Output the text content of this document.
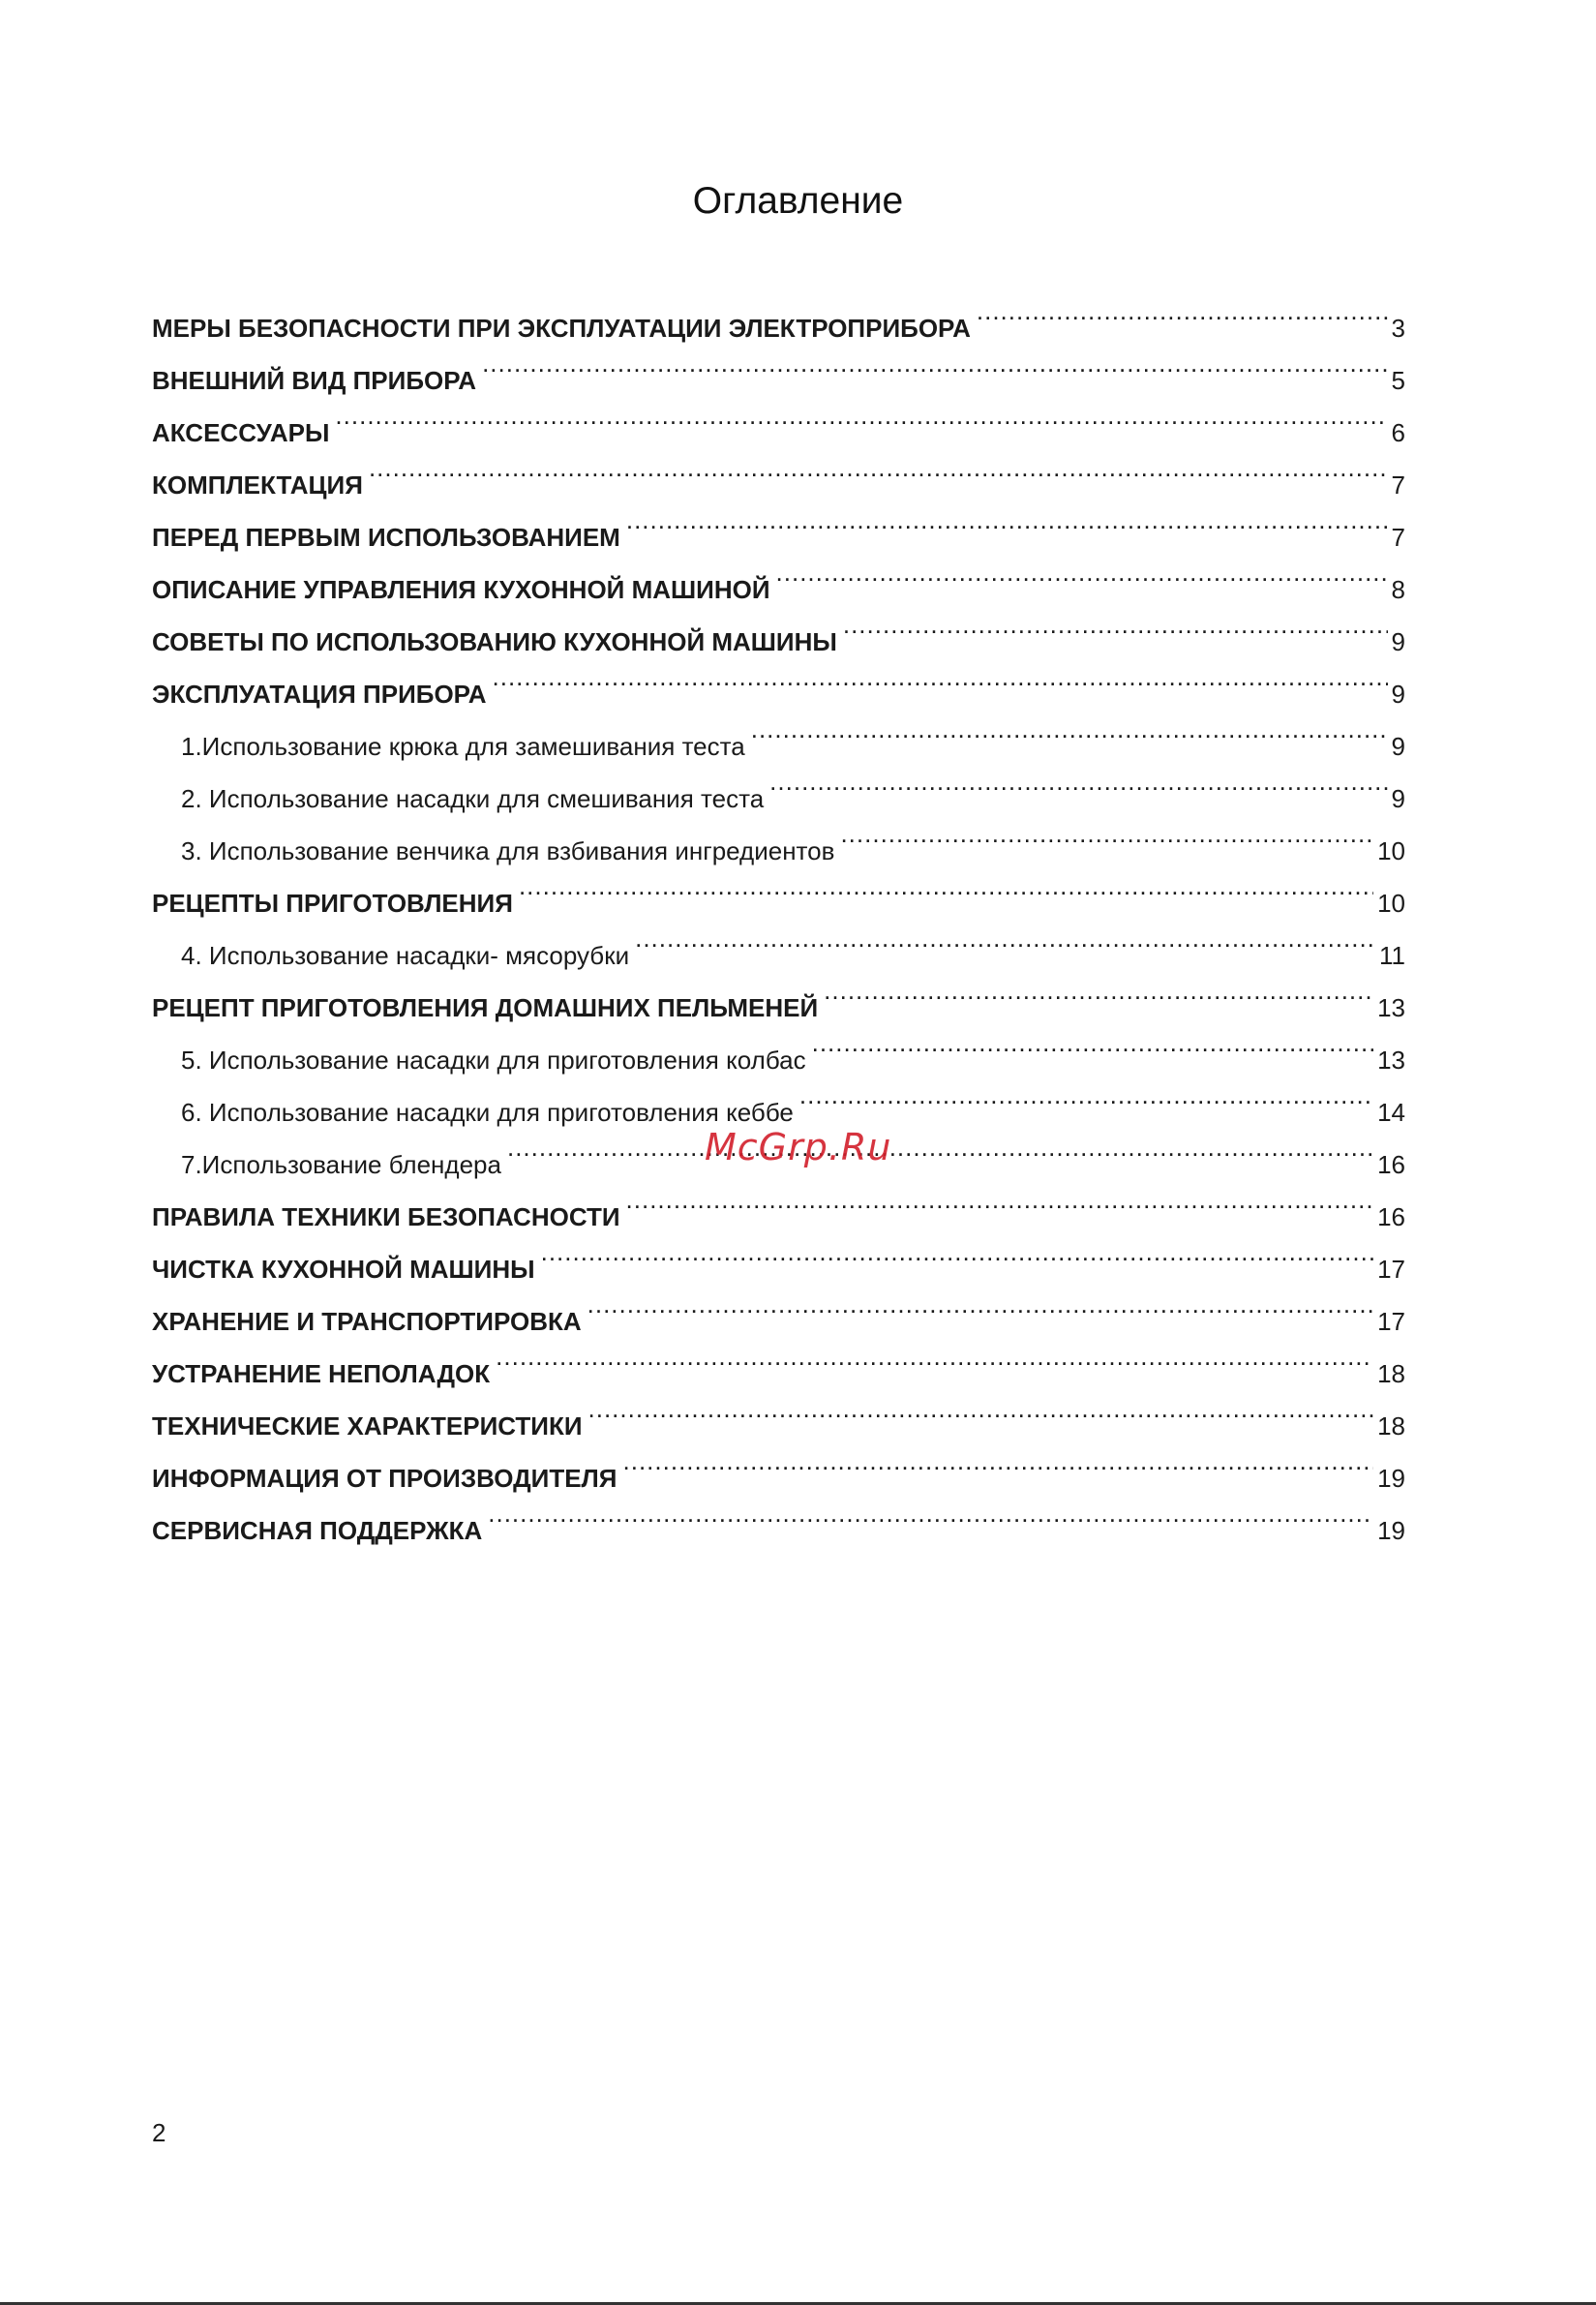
Оглавление
МЕРЫ БЕЗОПАСНОСТИ ПРИ ЭКСПЛУАТАЦИИ ЭЛЕКТРОПРИБОРА .....	3
ВНЕШНИЙ ВИД ПРИБОРА .....	5
АКСЕССУАРЫ .....	6
КОМПЛЕКТАЦИЯ .....	7
ПЕРЕД ПЕРВЫМ ИСПОЛЬЗОВАНИЕМ .....	7
ОПИСАНИЕ УПРАВЛЕНИЯ КУХОННОЙ МАШИНОЙ .....	8
СОВЕТЫ ПО ИСПОЛЬЗОВАНИЮ КУХОННОЙ МАШИНЫ .....	9
ЭКСПЛУАТАЦИЯ ПРИБОРА .....	9
1.Использование крюка для замешивания теста .....	9
2. Использование насадки для смешивания теста .....	9
3. Использование венчика для взбивания ингредиентов .....	10
РЕЦЕПТЫ ПРИГОТОВЛЕНИЯ .....	10
4. Использование насадки- мясорубки .....	11
РЕЦЕПТ ПРИГОТОВЛЕНИЯ ДОМАШНИХ ПЕЛЬМЕНЕЙ .....	13
5. Использование насадки для приготовления колбас .....	13
6. Использование насадки для приготовления кеббе .....	14
7.Использование блендера .....	16
ПРАВИЛА ТЕХНИКИ БЕЗОПАСНОСТИ .....	16
ЧИСТКА КУХОННОЙ МАШИНЫ .....	17
ХРАНЕНИЕ И ТРАНСПОРТИРОВКА .....	17
УСТРАНЕНИЕ НЕПОЛАДОК .....	18
ТЕХНИЧЕСКИЕ ХАРАКТЕРИСТИКИ .....	18
ИНФОРМАЦИЯ ОТ ПРОИЗВОДИТЕЛЯ .....	19
СЕРВИСНАЯ ПОДДЕРЖКА .....	19
McGrp.Ru
2
